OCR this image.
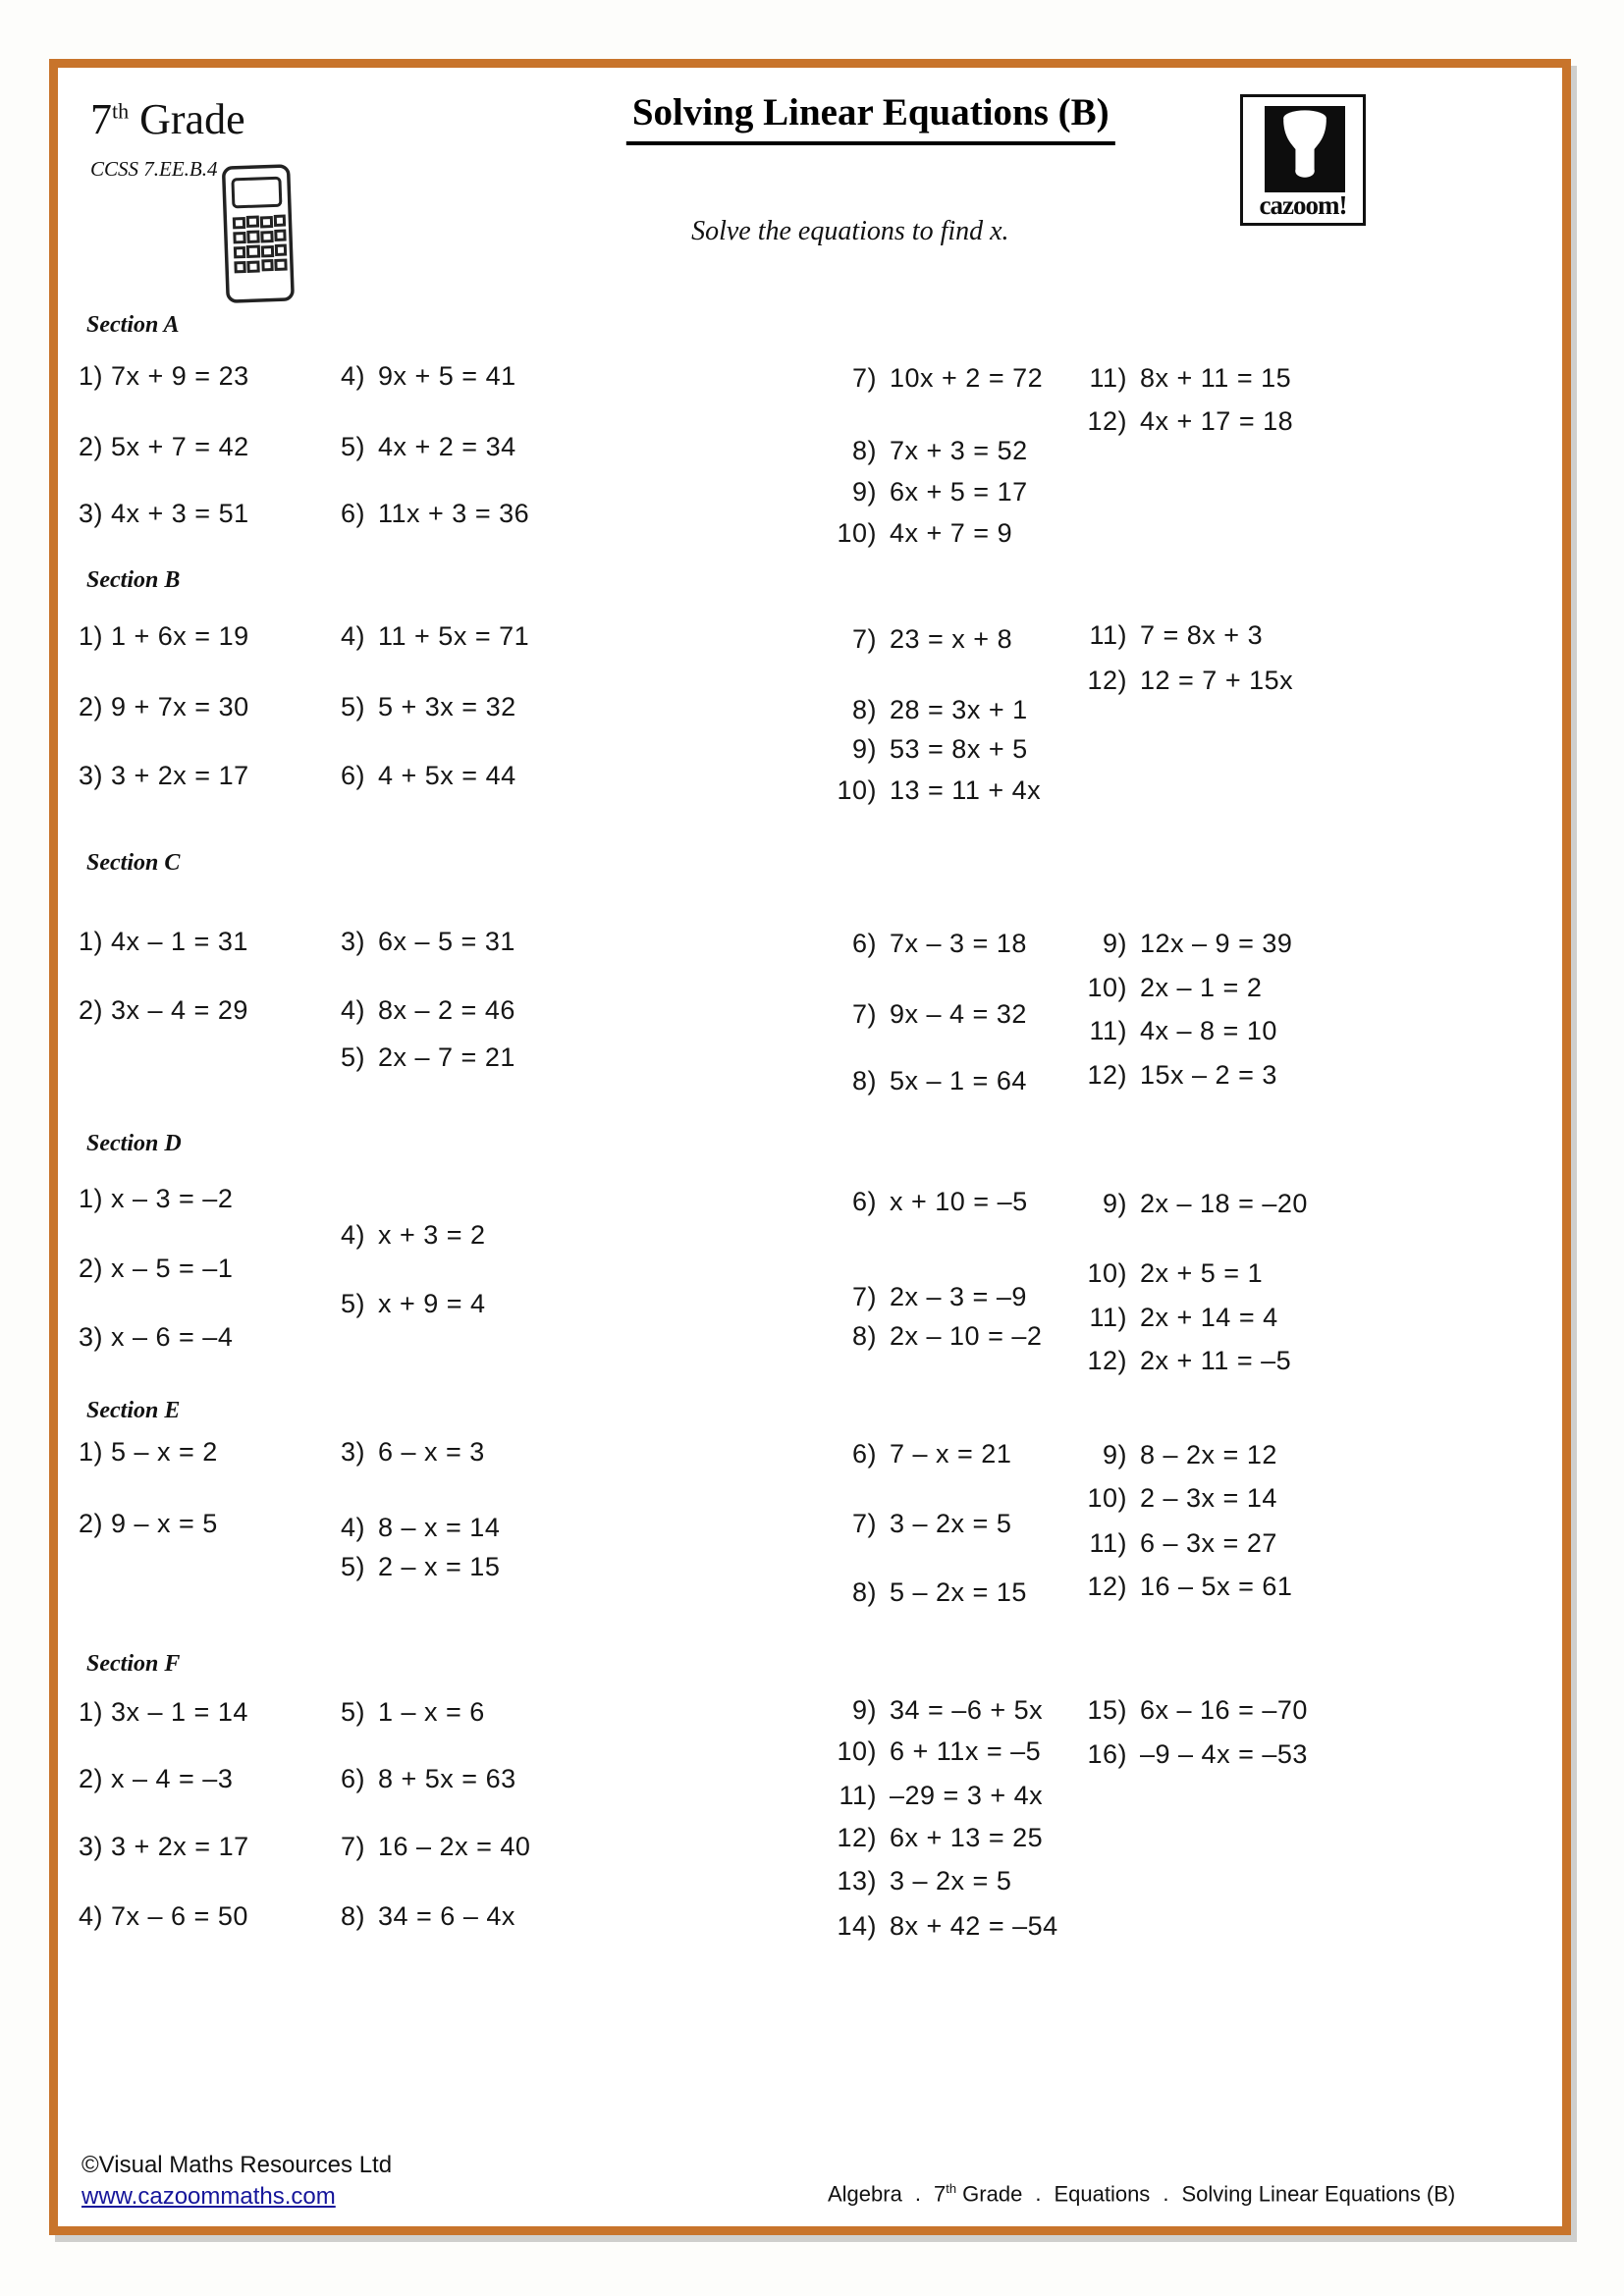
7th Grade
CCSS 7.EE.B.4
Solving Linear Equations (B)
Solve the equations to find x.
cazoom!
Section A
1) 7x + 9 = 23
2) 5x + 7 = 42
3) 4x + 3 = 51
4) 9x + 5 = 41
5) 4x + 2 = 34
6) 11x + 3 = 36
7) 10x + 2 = 72
8) 7x + 3 = 52
9) 6x + 5 = 17
10) 4x + 7 = 9
11) 8x + 11 = 15
12) 4x + 17 = 18
Section B
1) 1 + 6x = 19
2) 9 + 7x = 30
3) 3 + 2x = 17
4) 11 + 5x = 71
5) 5 + 3x = 32
6) 4 + 5x = 44
7) 23 = x + 8
8) 28 = 3x + 1
9) 53 = 8x + 5
10) 13 = 11 + 4x
11) 7 = 8x + 3
12) 12 = 7 + 15x
Section C
1) 4x – 1 = 31
2) 3x – 4 = 29
3) 6x – 5 = 31
4) 8x – 2 = 46
5) 2x – 7 = 21
6) 7x – 3 = 18
7) 9x – 4 = 32
8) 5x – 1 = 64
9) 12x – 9 = 39
10) 2x – 1 = 2
11) 4x – 8 = 10
12) 15x – 2 = 3
Section D
1) x – 3 = –2
2) x – 5 = –1
3) x – 6 = –4
4) x + 3 = 2
5) x + 9 = 4
6) x + 10 = –5
7) 2x – 3 = –9
8) 2x – 10 = –2
9) 2x – 18 = –20
10) 2x + 5 = 1
11) 2x + 14 = 4
12) 2x + 11 = –5
Section E
1) 5 – x = 2
2) 9 – x = 5
3) 6 – x = 3
4) 8 – x = 14
5) 2 – x = 15
6) 7 – x = 21
7) 3 – 2x = 5
8) 5 – 2x = 15
9) 8 – 2x = 12
10) 2 – 3x = 14
11) 6 – 3x = 27
12) 16 – 5x = 61
Section F
1) 3x – 1 = 14
2) x – 4 = –3
3) 3 + 2x = 17
4) 7x – 6 = 50
5) 1 – x = 6
6) 8 + 5x = 63
7) 16 – 2x = 40
8) 34 = 6 – 4x
9) 34 = –6 + 5x
10) 6 + 11x = –5
11) –29 = 3 + 4x
12) 6x + 13 = 25
13) 3 – 2x = 5
14) 8x + 42 = –54
15) 6x – 16 = –70
16) –9 – 4x = –53
©Visual Maths Resources Ltd
www.cazoommaths.com	Algebra . 7th Grade . Equations . Solving Linear Equations (B)
